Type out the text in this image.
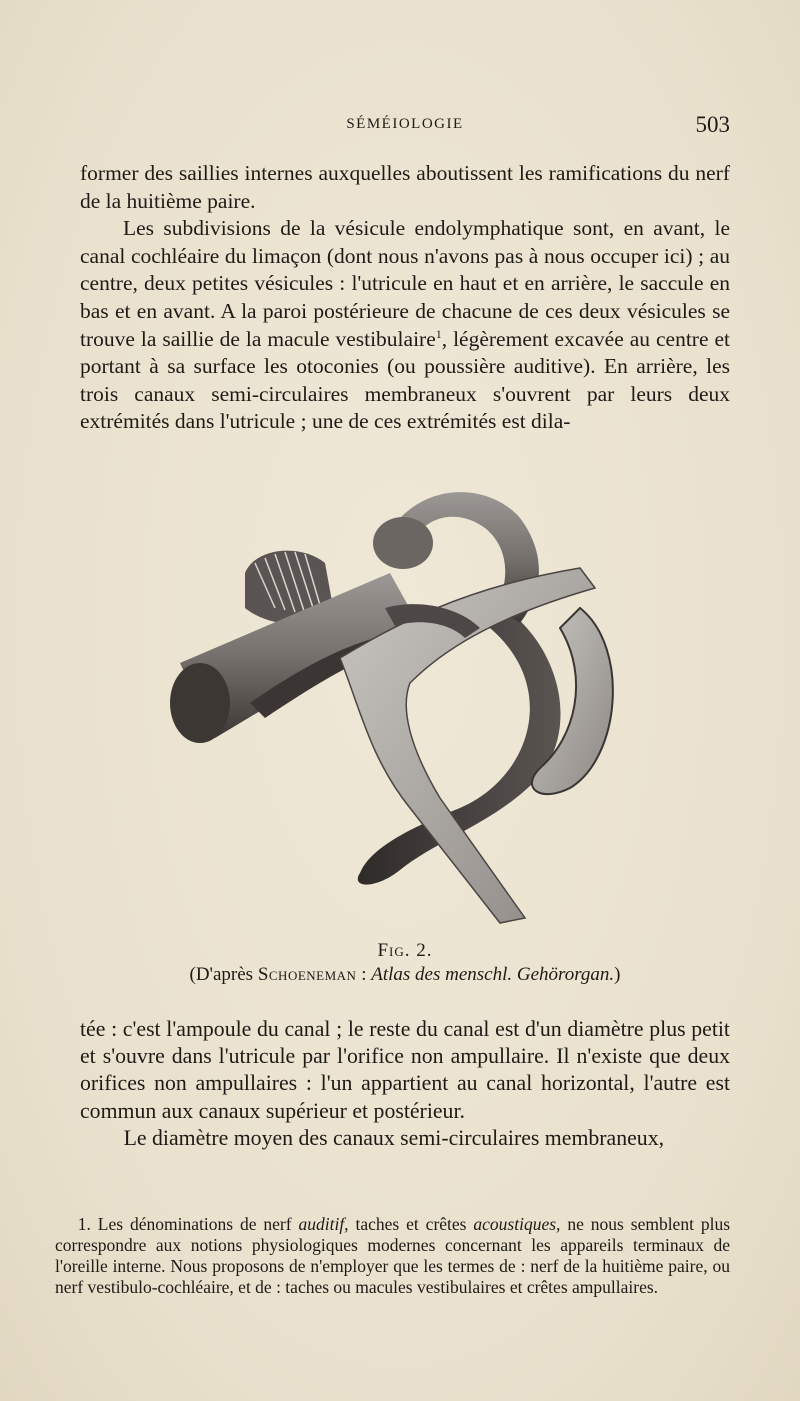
SÉMÉIOLOGIE	503

former des saillies internes auxquelles aboutissent les ramifications du nerf de la huitième paire.

Les subdivisions de la vésicule endolymphatique sont, en avant, le canal cochléaire du limaçon (dont nous n'avons pas à nous occuper ici) ; au centre, deux petites vésicules : l'utricule en haut et en arrière, le saccule en bas et en avant. A la paroi postérieure de chacune de ces deux vésicules se trouve la saillie de la macule vestibulaire$^1$, légèrement excavée au centre et portant à sa surface les otoconies (ou poussière auditive). En arrière, les trois canaux semi-circulaires membraneux s'ouvrent par leurs deux extrémités dans l'utricule ; une de ces extrémités est dila-

Fig. 2.
(D'après Schoeneman : Atlas des menschl. Gehörorgan.)

tée : c'est l'ampoule du canal ; le reste du canal est d'un diamètre plus petit et s'ouvre dans l'utricule par l'orifice non ampullaire. Il n'existe que deux orifices non ampullaires : l'un appartient au canal horizontal, l'autre est commun aux canaux supérieur et postérieur.

Le diamètre moyen des canaux semi-circulaires membraneux,

1. Les dénominations de nerf auditif, taches et crêtes acoustiques, ne nous semblent plus correspondre aux notions physiologiques modernes concernant les appareils terminaux de l'oreille interne. Nous proposons de n'employer que les termes de : nerf de la huitième paire, ou nerf vestibulo-cochléaire, et de : taches ou macules vestibulaires et crêtes ampullaires.
